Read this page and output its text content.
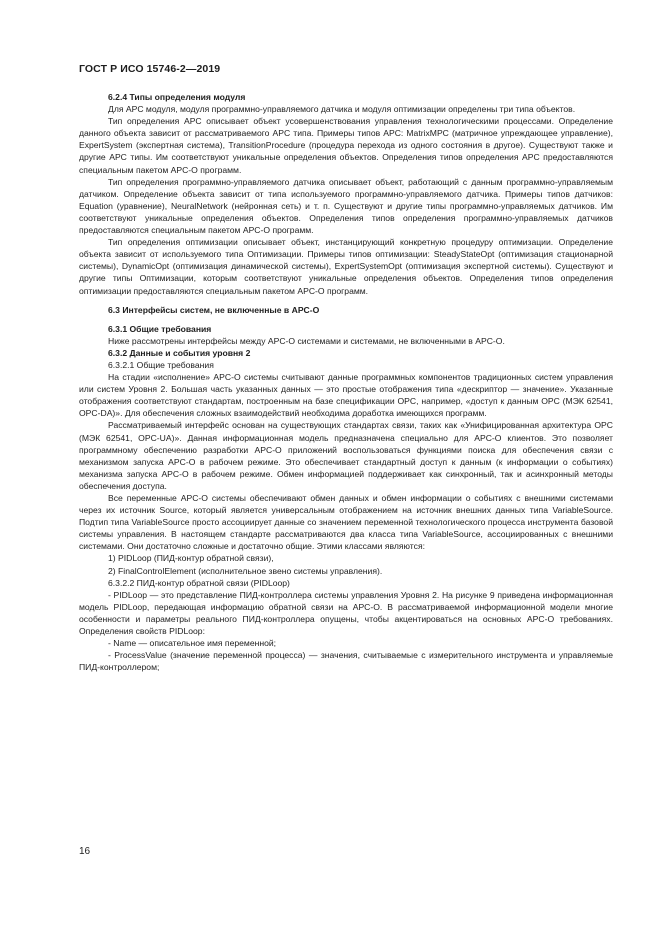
ГОСТ Р ИСО 15746-2—2019

6.2.4 Типы определения модуля

Для APC модуля, модуля программно-управляемого датчика и модуля оптимизации определены три типа объектов.

Тип определения APC описывает объект усовершенствования управления технологическими процессами. Определение данного объекта зависит от рассматриваемого APC типа. Примеры типов APC: MatrixMPC (матричное упреждающее управление), ExpertSystem (экспертная система), TransitionProcedure (процедура перехода из одного состояния в другое). Существуют также и другие APC типы. Им соответствуют уникальные определения объектов. Определения типов определения APC предоставляются специальным пакетом APC-O программ.

Тип определения программно-управляемого датчика описывает объект, работающий с данным программно-управляемым датчиком. Определение объекта зависит от типа используемого программно-управляемого датчика. Примеры типов датчиков: Equation (уравнение), NeuralNetwork (нейронная сеть) и т. п. Существуют и другие типы программно-управляемых датчиков. Им соответствуют уникальные определения объектов. Определения типов определения программно-управляемых датчиков предоставляются специальным пакетом APC-O программ.

Тип определения оптимизации описывает объект, инстанцирующий конкретную процедуру оптимизации. Определение объекта зависит от используемого типа Оптимизации. Примеры типов оптимизации: SteadyStateOpt (оптимизация стационарной системы), DynamicOpt (оптимизация динамической системы), ExpertSystemOpt (оптимизация экспертной системы). Существуют и другие типы Оптимизации, которым соответствуют уникальные определения объектов. Определения типов определения оптимизации предоставляются специальным пакетом APC-O программ.

6.3 Интерфейсы систем, не включенные в APC-O

6.3.1 Общие требования

Ниже рассмотрены интерфейсы между APC-O системами и системами, не включенными в APC-O.

6.3.2 Данные и события уровня 2

6.3.2.1 Общие требования

На стадии «исполнение» APC-O системы считывают данные программных компонентов традиционных систем управления или систем Уровня 2. Большая часть указанных данных — это простые отображения типа «дескриптор — значение». Указанные отображения соответствуют стандартам, построенным на базе спецификации OPC, например, «доступ к данным OPC (МЭК 62541, OPC-DA)». Для обеспечения сложных взаимодействий необходима доработка имеющихся программ.

Рассматриваемый интерфейс основан на существующих стандартах связи, таких как «Унифицированная архитектура OPC (МЭК 62541, OPC-UA)». Данная информационная модель предназначена специально для APC-O клиентов. Это позволяет программному обеспечению разработки APC-O приложений воспользоваться функциями поиска для обеспечения связи с механизмом запуска APC-O в рабочем режиме. Это обеспечивает стандартный доступ к данным (к информации о событиях) механизма запуска APC-O в рабочем режиме. Обмен информацией поддерживает как синхронный, так и асинхронный методы обеспечения доступа.

Все переменные APC-O системы обеспечивают обмен данных и обмен информации о событиях с внешними системами через их источник Source, который является универсальным отображением на источник внешних данных типа VariableSource. Подтип типа VariableSource просто ассоциирует данные со значением переменной технологического процесса инструмента базовой системы управления. В настоящем стандарте рассматриваются два класса типа VariableSource, ассоциированных с внешними системами. Они достаточно сложные и достаточно общие. Этими классами являются:

1) PIDLoop (ПИД-контур обратной связи),

2) FinalControlElement (исполнительное звено системы управления).

6.3.2.2 ПИД-контур обратной связи (PIDLoop)

- PIDLoop — это представление ПИД-контроллера системы управления Уровня 2. На рисунке 9 приведена информационная модель PIDLoop, передающая информацию обратной связи на APC-O. В рассматриваемой информационной модели многие особенности и параметры реального ПИД-контроллера опущены, чтобы акцентироваться на основных APC-O требованиях. Определения свойств PIDLoop:

- Name — описательное имя переменной;

- ProcessValue (значение переменной процесса) — значения, считываемые с измерительного инструмента и управляемые ПИД-контроллером;

16
